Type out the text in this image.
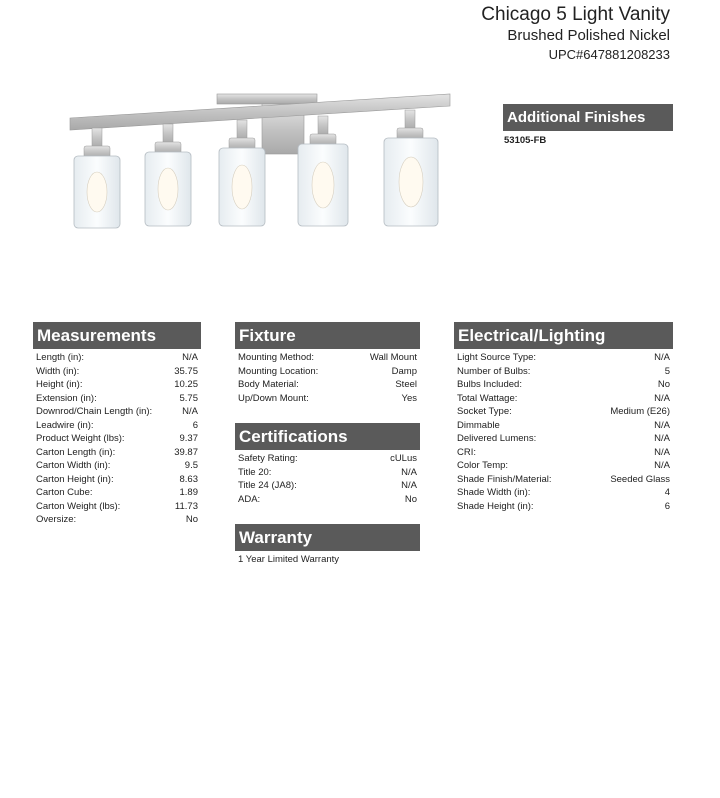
Chicago 5 Light Vanity
Brushed Polished Nickel
UPC#647881208233
Additional Finishes
53105-FB
Measurements
Length (in):	N/A
Width (in):	35.75
Height (in):	10.25
Extension (in):	5.75
Downrod/Chain Length (in):	N/A
Leadwire (in):	6
Product Weight (lbs):	9.37
Carton Length (in):	39.87
Carton Width (in):	9.5
Carton Height (in):	8.63
Carton Cube:	1.89
Carton Weight (lbs):	11.73
Oversize:	No
Fixture
Mounting Method:	Wall Mount
Mounting Location:	Damp
Body Material:	Steel
Up/Down Mount:	Yes
Certifications
Safety Rating:	cULus
Title 20:	N/A
Title 24 (JA8):	N/A
ADA:	No
Warranty
1 Year Limited Warranty
Electrical/Lighting
Light Source Type:	N/A
Number of Bulbs:	5
Bulbs Included:	No
Total Wattage:	N/A
Socket Type:	Medium (E26)
Dimmable	N/A
Delivered Lumens:	N/A
CRI:	N/A
Color Temp:	N/A
Shade Finish/Material:	Seeded Glass
Shade Width (in):	4
Shade Height (in):	6
